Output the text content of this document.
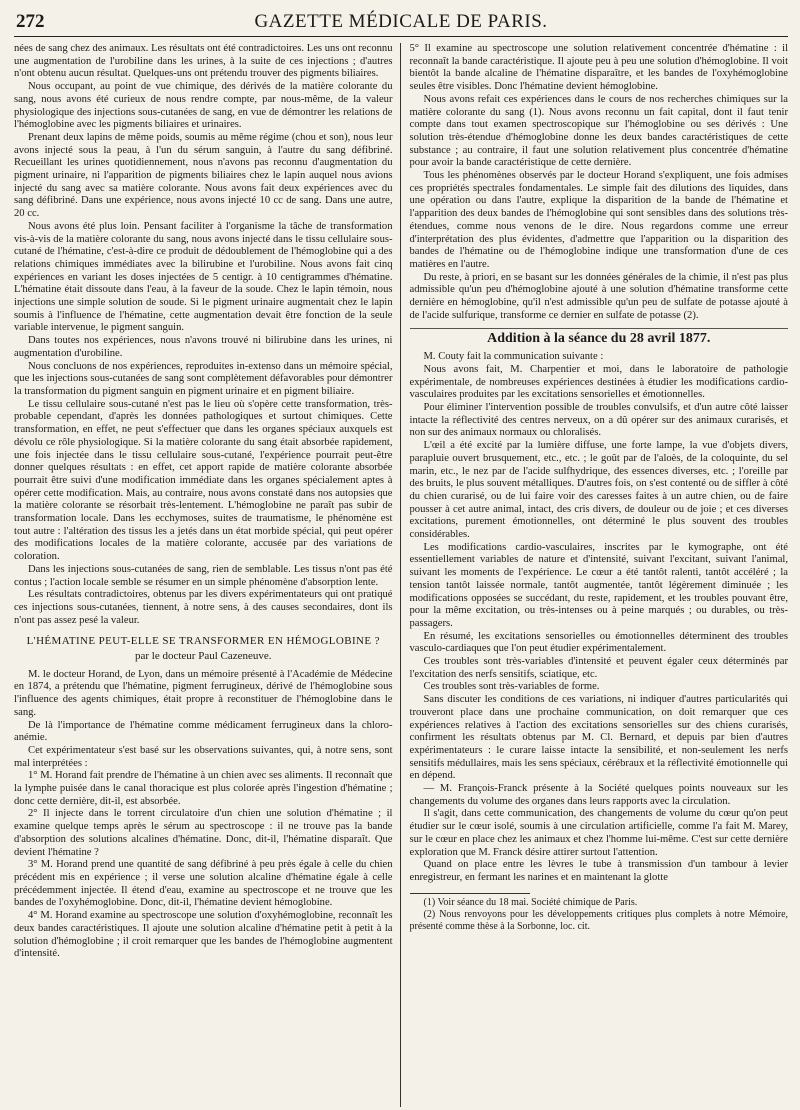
272	GAZETTE MÉDICALE DE PARIS.

nées de sang chez des animaux. Les résultats ont été contradictoires. Les uns ont reconnu une augmentation de l'urobiline dans les urines, à la suite de ces injections ; d'autres n'ont obtenu aucun résultat. Quelques-uns ont prétendu trouver des pigments biliaires.

Nous occupant, au point de vue chimique, des dérivés de la matière colorante du sang, nous avons été curieux de nous rendre compte, par nous-même, de la valeur physiologique des injections sous-cutanées de sang, en vue de démontrer les relations de l'hémoglobine avec les pigments biliaires et urinaires.

Prenant deux lapins de même poids, soumis au même régime (chou et son), nous leur avons injecté sous la peau, à l'un du sérum sanguin, à l'autre du sang défibriné. Recueillant les urines quotidiennement, nous n'avons pas reconnu d'augmentation du pigment urinaire, ni l'apparition de pigments biliaires chez le lapin auquel nous avions injecté du sang avec sa matière colorante. Nous avons fait deux expériences avec du sang défibriné. Dans une expérience, nous avons injecté 10 cc de sang. Dans une autre, 20 cc.

Nous avons été plus loin. Pensant faciliter à l'organisme la tâche de transformation vis-à-vis de la matière colorante du sang, nous avons injecté dans le tissu cellulaire sous-cutané de l'hématine, c'est-à-dire ce produit de dédoublement de l'hémoglobine qui a des relations chimiques immédiates avec la bilirubine et l'urobiline. Nous avons fait cinq expériences en variant les doses injectées de 5 centigr. à 10 centigrammes d'hématine. L'hématine était dissoute dans l'eau, à la faveur de la soude. Chez le lapin témoin, nous injections une simple solution de soude. Si le pigment urinaire augmentait chez le lapin soumis à l'influence de l'hématine, cette augmentation devait être fonction de la seule variable intervenue, le pigment sanguin.

Dans toutes nos expériences, nous n'avons trouvé ni bilirubine dans les urines, ni augmentation d'urobiline.

Nous concluons de nos expériences, reproduites in-extenso dans un mémoire spécial, que les injections sous-cutanées de sang sont complètement défavorables pour démontrer la transformation du pigment sanguin en pigment urinaire et en pigment biliaire.

Le tissu cellulaire sous-cutané n'est pas le lieu où s'opère cette transformation, très-probable cependant, d'après les données pathologiques et surtout chimiques. Cette transformation, en effet, ne peut s'effectuer que dans les organes spéciaux auxquels est dévolu ce rôle physiologique. Si la matière colorante du sang était absorbée rapidement, une fois injectée dans le tissu cellulaire sous-cutané, l'expérience pourrait peut-être donner quelques résultats : en effet, cet apport rapide de matière colorante absorbée pourrait être suivi d'une modification immédiate dans les organes spécialement aptes à opérer cette modification. Mais, au contraire, nous avons constaté dans nos autopsies que la matière colorante se résorbait très-lentement. L'hémoglobine ne paraît pas subir de transformation locale. Dans les ecchymoses, suites de traumatisme, le phénomène est tout autre : l'altération des tissus les a jetés dans un état morbide spécial, qui peut opérer des modifications locales de la matière colorante, accusée par des variations de coloration.

Dans les injections sous-cutanées de sang, rien de semblable. Les tissus n'ont pas été contus ; l'action locale semble se résumer en un simple phénomène d'absorption lente.

Les résultats contradictoires, obtenus par les divers expérimentateurs qui ont pratiqué ces injections sous-cutanées, tiennent, à notre sens, à des causes secondaires, dont ils n'ont pas assez pesé la valeur.

L'HÉMATINE PEUT-ELLE SE TRANSFORMER EN HÉMOGLOBINE ?
par le docteur Paul Cazeneuve.

M. le docteur Horand, de Lyon, dans un mémoire présenté à l'Académie de Médecine en 1874, a prétendu que l'hématine, pigment ferrugineux, dérivé de l'hémoglobine sous l'influence des agents chimiques, était propre à reconstituer de l'hémoglobine dans le sang.

De là l'importance de l'hématine comme médicament ferrugineux dans la chloro-anémie.

Cet expérimentateur s'est basé sur les observations suivantes, qui, à notre sens, sont mal interprétées :

1° M. Horand fait prendre de l'hématine à un chien avec ses aliments. Il reconnaît que la lymphe puisée dans le canal thoracique est plus colorée après l'ingestion d'hématine ; donc cette dernière, dit-il, est absorbée.

2° Il injecte dans le torrent circulatoire d'un chien une solution d'hématine ; il examine quelque temps après le sérum au spectroscope : il ne trouve pas la bande d'absorption des solutions alcalines d'hématine. Donc, dit-il, l'hématine disparaît. Que devient l'hématine ?

3° M. Horand prend une quantité de sang défibriné à peu près égale à celle du chien précédent mis en expérience ; il verse une solution alcaline d'hématine égale à celle précédemment injectée. Il étend d'eau, examine au spectroscope et ne trouve que les bandes de l'oxyhémoglobine. Donc, dit-il, l'hématine devient hémoglobine.

4° M. Horand examine au spectroscope une solution d'oxyhémoglobine, reconnaît les deux bandes caractéristiques. Il ajoute une solution alcaline d'hématine petit à petit à la solution d'hémoglobine ; il croit remarquer que les bandes de l'hémoglobine augmentent d'intensité.

5° Il examine au spectroscope une solution relativement concentrée d'hématine : il reconnaît la bande caractéristique. Il ajoute peu à peu une solution d'hémoglobine. Il voit bientôt la bande alcaline de l'hématine disparaître, et les bandes de l'oxyhémoglobine seules être visibles. Donc l'hématine devient hémoglobine.

Nous avons refait ces expériences dans le cours de nos recherches chimiques sur la matière colorante du sang (1). Nous avons reconnu un fait capital, dont il faut tenir compte dans tout examen spectroscopique sur l'hémoglobine ou ses dérivés : Une solution très-étendue d'hémoglobine donne les deux bandes caractéristiques de cette substance ; au contraire, il faut une solution relativement plus concentrée d'hématine pour avoir la bande caractéristique de cette dernière.

Tous les phénomènes observés par le docteur Horand s'expliquent, une fois admises ces propriétés spectrales fondamentales. Le simple fait des dilutions des liquides, dans une opération ou dans l'autre, explique la disparition de la bande de l'hématine et l'apparition des deux bandes de l'hémoglobine qui sont sensibles dans des solutions très-étendues, comme nous venons de le dire. Nous regardons comme une erreur d'interprétation des plus évidentes, d'admettre que l'apparition ou la disparition des bandes de l'hématine ou de l'hémoglobine indique une transformation d'une de ces matières en l'autre.

Du reste, à priori, en se basant sur les données générales de la chimie, il n'est pas plus admissible qu'un peu d'hémoglobine ajouté à une solution d'hématine transforme cette dernière en hémoglobine, qu'il n'est admissible qu'un peu de sulfate de potasse ajouté à de l'acide sulfurique, transforme ce dernier en sulfate de potasse (2).

Addition à la séance du 28 avril 1877.

M. Couty fait la communication suivante :

Nous avons fait, M. Charpentier et moi, dans le laboratoire de pathologie expérimentale, de nombreuses expériences destinées à étudier les modifications cardio-vasculaires produites par les excitations sensorielles et émotionnelles.

Pour éliminer l'intervention possible de troubles convulsifs, et d'un autre côté laisser intacte la réflectivité des centres nerveux, on a dû opérer sur des animaux curarisés, et non sur des animaux normaux ou chloralisés.

L'œil a été excité par la lumière diffuse, une forte lampe, la vue d'objets divers, parapluie ouvert brusquement, etc., etc. ; le goût par de l'aloès, de la coloquinte, du sel marin, etc., le nez par de l'acide sulfhydrique, des essences diverses, etc. ; l'oreille par des bruits, le plus souvent métalliques. D'autres fois, on s'est contenté ou de siffler à côté du chien curarisé, ou de lui faire voir des caresses faites à un autre chien, ou de faire pousser à cet autre animal, intact, des cris divers, de douleur ou de joie ; et ces diverses excitations, purement émotionnelles, ont déterminé le plus souvent des troubles considérables.

Les modifications cardio-vasculaires, inscrites par le kymographe, ont été essentiellement variables de nature et d'intensité, suivant l'excitant, suivant l'animal, suivant les moments de l'expérience. Le cœur a été tantôt ralenti, tantôt accéléré ; la tension tantôt laissée normale, tantôt augmentée, tantôt légèrement diminuée ; les modifications opposées se succédant, du reste, rapidement, et les troubles pouvant être, pour la même excitation, ou très-intenses ou à peine marqués ; ou durables, ou très-passagers.

En résumé, les excitations sensorielles ou émotionnelles déterminent des troubles vasculo-cardiaques que l'on peut étudier expérimentalement.

Ces troubles sont très-variables d'intensité et peuvent égaler ceux déterminés par l'excitation des nerfs sensitifs, sciatique, etc.

Ces troubles sont très-variables de forme.

Sans discuter les conditions de ces variations, ni indiquer d'autres particularités qui trouveront place dans une prochaine communication, on doit remarquer que ces expériences relatives à l'action des excitations sensorielles sur des chiens curarisés, confirment les résultats obtenus par M. Cl. Bernard, et depuis par bien d'autres expérimentateurs : le curare laisse intacte la sensibilité, et non-seulement les nerfs sensitifs médullaires, mais les sens spéciaux, cérébraux et la réflectivité émotionnelle qui en dépend.

— M. François-Franck présente à la Société quelques points nouveaux sur les changements du volume des organes dans leurs rapports avec la circulation.

Il s'agit, dans cette communication, des changements de volume du cœur qu'on peut étudier sur le cœur isolé, soumis à une circulation artificielle, comme l'a fait M. Marey, sur le cœur en place chez les animaux et chez l'homme lui-même. C'est sur cette dernière exploration que M. Franck désire attirer surtout l'attention.

Quand on place entre les lèvres le tube à transmission d'un tambour à levier enregistreur, en fermant les narines et en maintenant la glotte

(1) Voir séance du 18 mai. Société chimique de Paris.

(2) Nous renvoyons pour les développements critiques plus complets à notre Mémoire, présenté comme thèse à la Sorbonne, loc. cit.
